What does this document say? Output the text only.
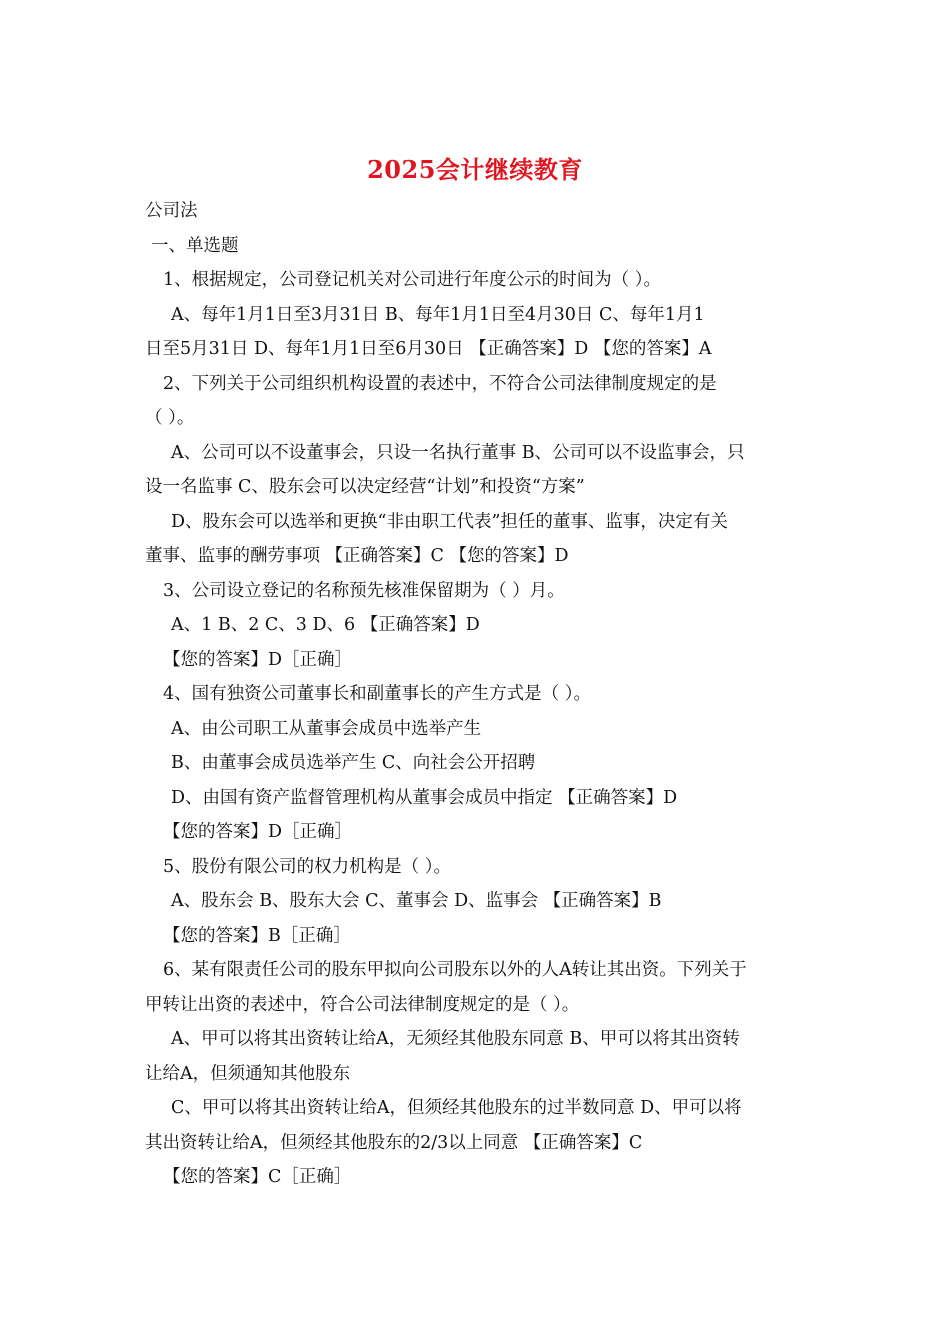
2025会计继续教育
公司法
一、单选题
1、根据规定，公司登记机关对公司进行年度公示的时间为（ ）。
A、每年1月1日至3月31日 B、每年1月1日至4月30日 C、每年1月1
日至5月31日 D、每年1月1日至6月30日 【正确答案】D 【您的答案】A
2、下列关于公司组织机构设置的表述中，不符合公司法律制度规定的是
（ ）。
A、公司可以不设董事会，只设一名执行董事 B、公司可以不设监事会，只
设一名监事 C、股东会可以决定经营“计划”和投资“方案”
D、股东会可以选举和更换“非由职工代表”担任的董事、监事，决定有关
董事、监事的酬劳事项 【正确答案】C 【您的答案】D
3、公司设立登记的名称预先核准保留期为（ ）月。
A、1 B、2 C、3 D、6 【正确答案】D
【您的答案】D［正确］
4、国有独资公司董事长和副董事长的产生方式是（ ）。
A、由公司职工从董事会成员中选举产生
B、由董事会成员选举产生 C、向社会公开招聘
D、由国有资产监督管理机构从董事会成员中指定 【正确答案】D
【您的答案】D［正确］
5、股份有限公司的权力机构是（ ）。
A、股东会 B、股东大会 C、董事会 D、监事会 【正确答案】B
【您的答案】B［正确］
6、某有限责任公司的股东甲拟向公司股东以外的人A转让其出资。下列关于
甲转让出资的表述中，符合公司法律制度规定的是（ ）。
A、甲可以将其出资转让给A，无须经其他股东同意 B、甲可以将其出资转
让给A，但须通知其他股东
C、甲可以将其出资转让给A，但须经其他股东的过半数同意 D、甲可以将
其出资转让给A，但须经其他股东的2/3以上同意 【正确答案】C
【您的答案】C［正确］
